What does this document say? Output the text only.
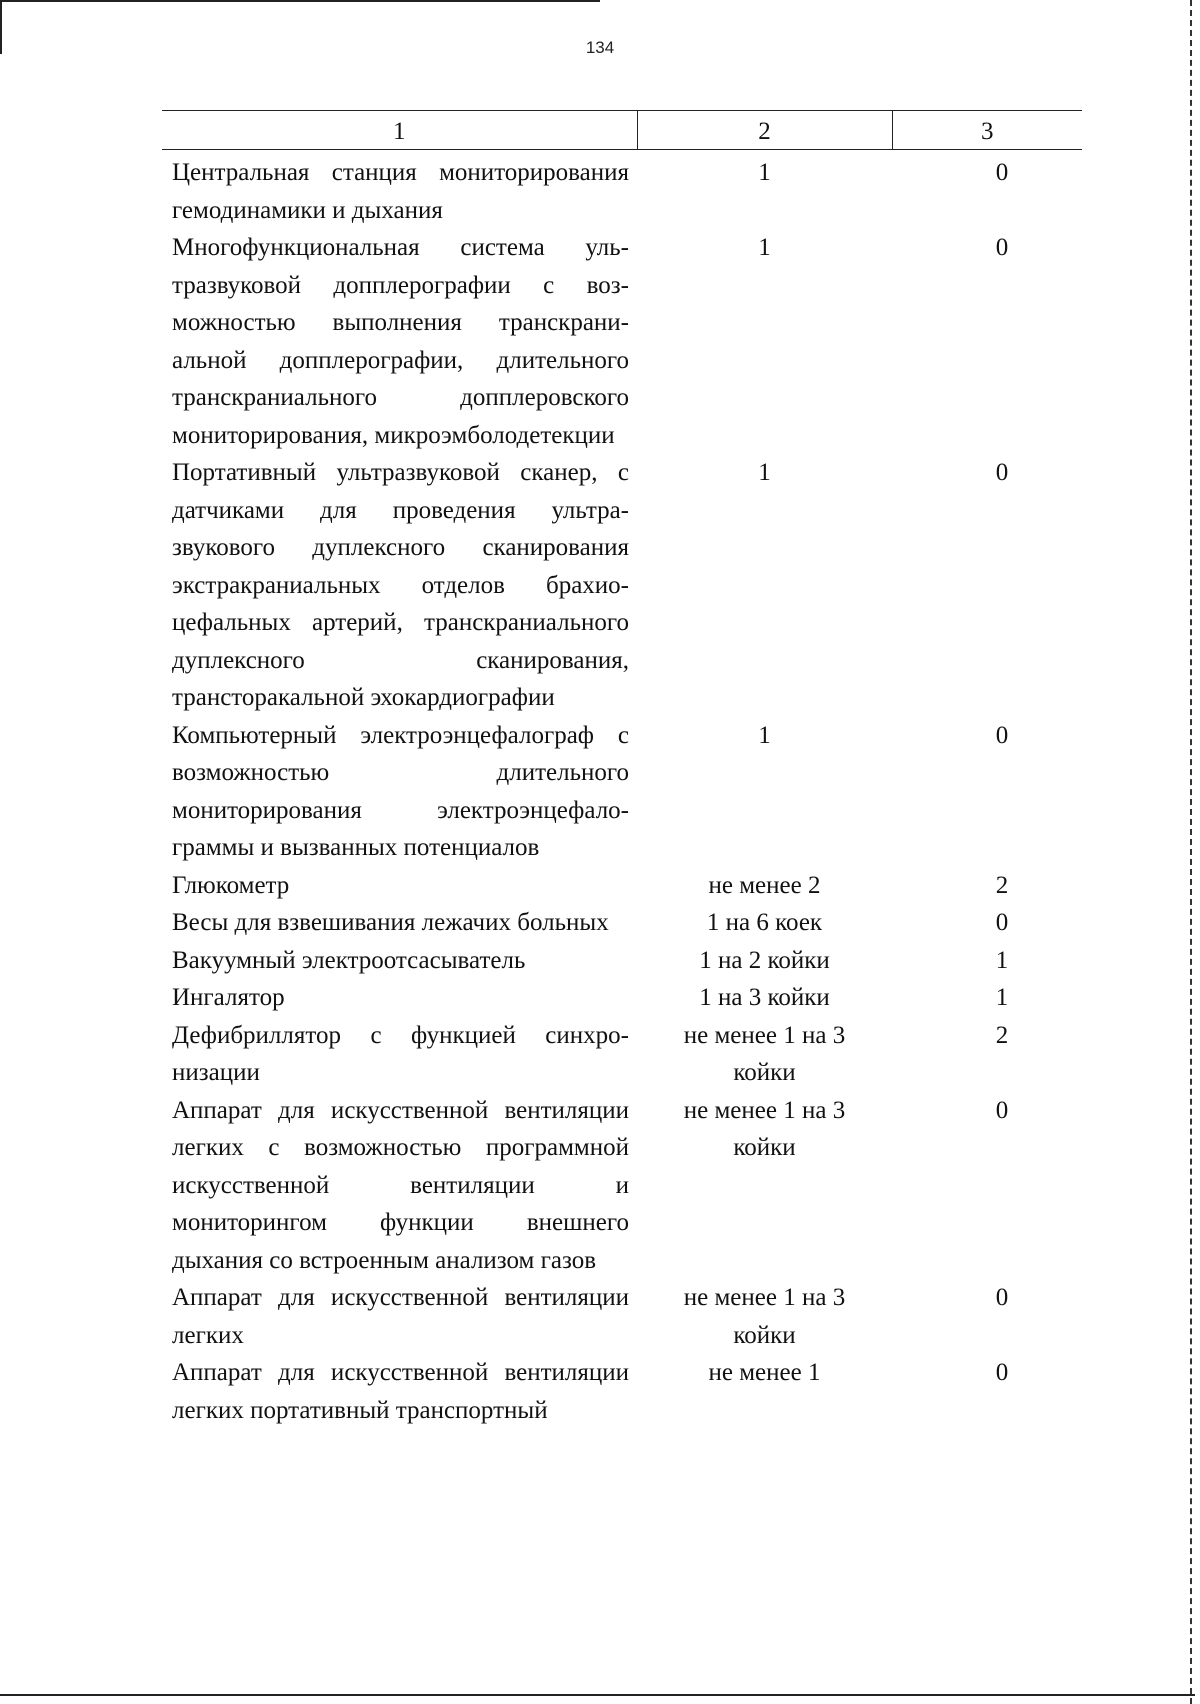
134
1	2	3
Центральная станция мониторирования гемодинамики и дыхания	1	0
Многофункциональная система ультразвуковой допплерографии с возможностью выполнения транскраниальной допплерографии, длительного транскраниального допплеровского мониторирования, микроэмболодетекции	1	0
Портативный ультразвуковой сканер, с датчиками для проведения ультразвукового дуплексного сканирования экстракраниальных отделов брахиоцефальных артерий, транскраниального дуплексного сканирования, трансторакальной эхокардиографии	1	0
Компьютерный электроэнцефалограф с возможностью длительного мониторирования электроэнцефалограммы и вызванных потенциалов	1	0
Глюкометр	не менее 2	2
Весы для взвешивания лежачих больных	1 на 6 коек	0
Вакуумный электроотсасыватель	1 на 2 койки	1
Ингалятор	1 на 3 койки	1
Дефибриллятор с функцией синхронизации	не менее 1 на 3 койки	2
Аппарат для искусственной вентиляции легких с возможностью программной искусственной вентиляции и мониторингом функции внешнего дыхания со встроенным анализом газов	не менее 1 на 3 койки	0
Аппарат для искусственной вентиляции легких	не менее 1 на 3 койки	0
Аппарат для искусственной вентиляции легких портативный транспортный	не менее 1	0
